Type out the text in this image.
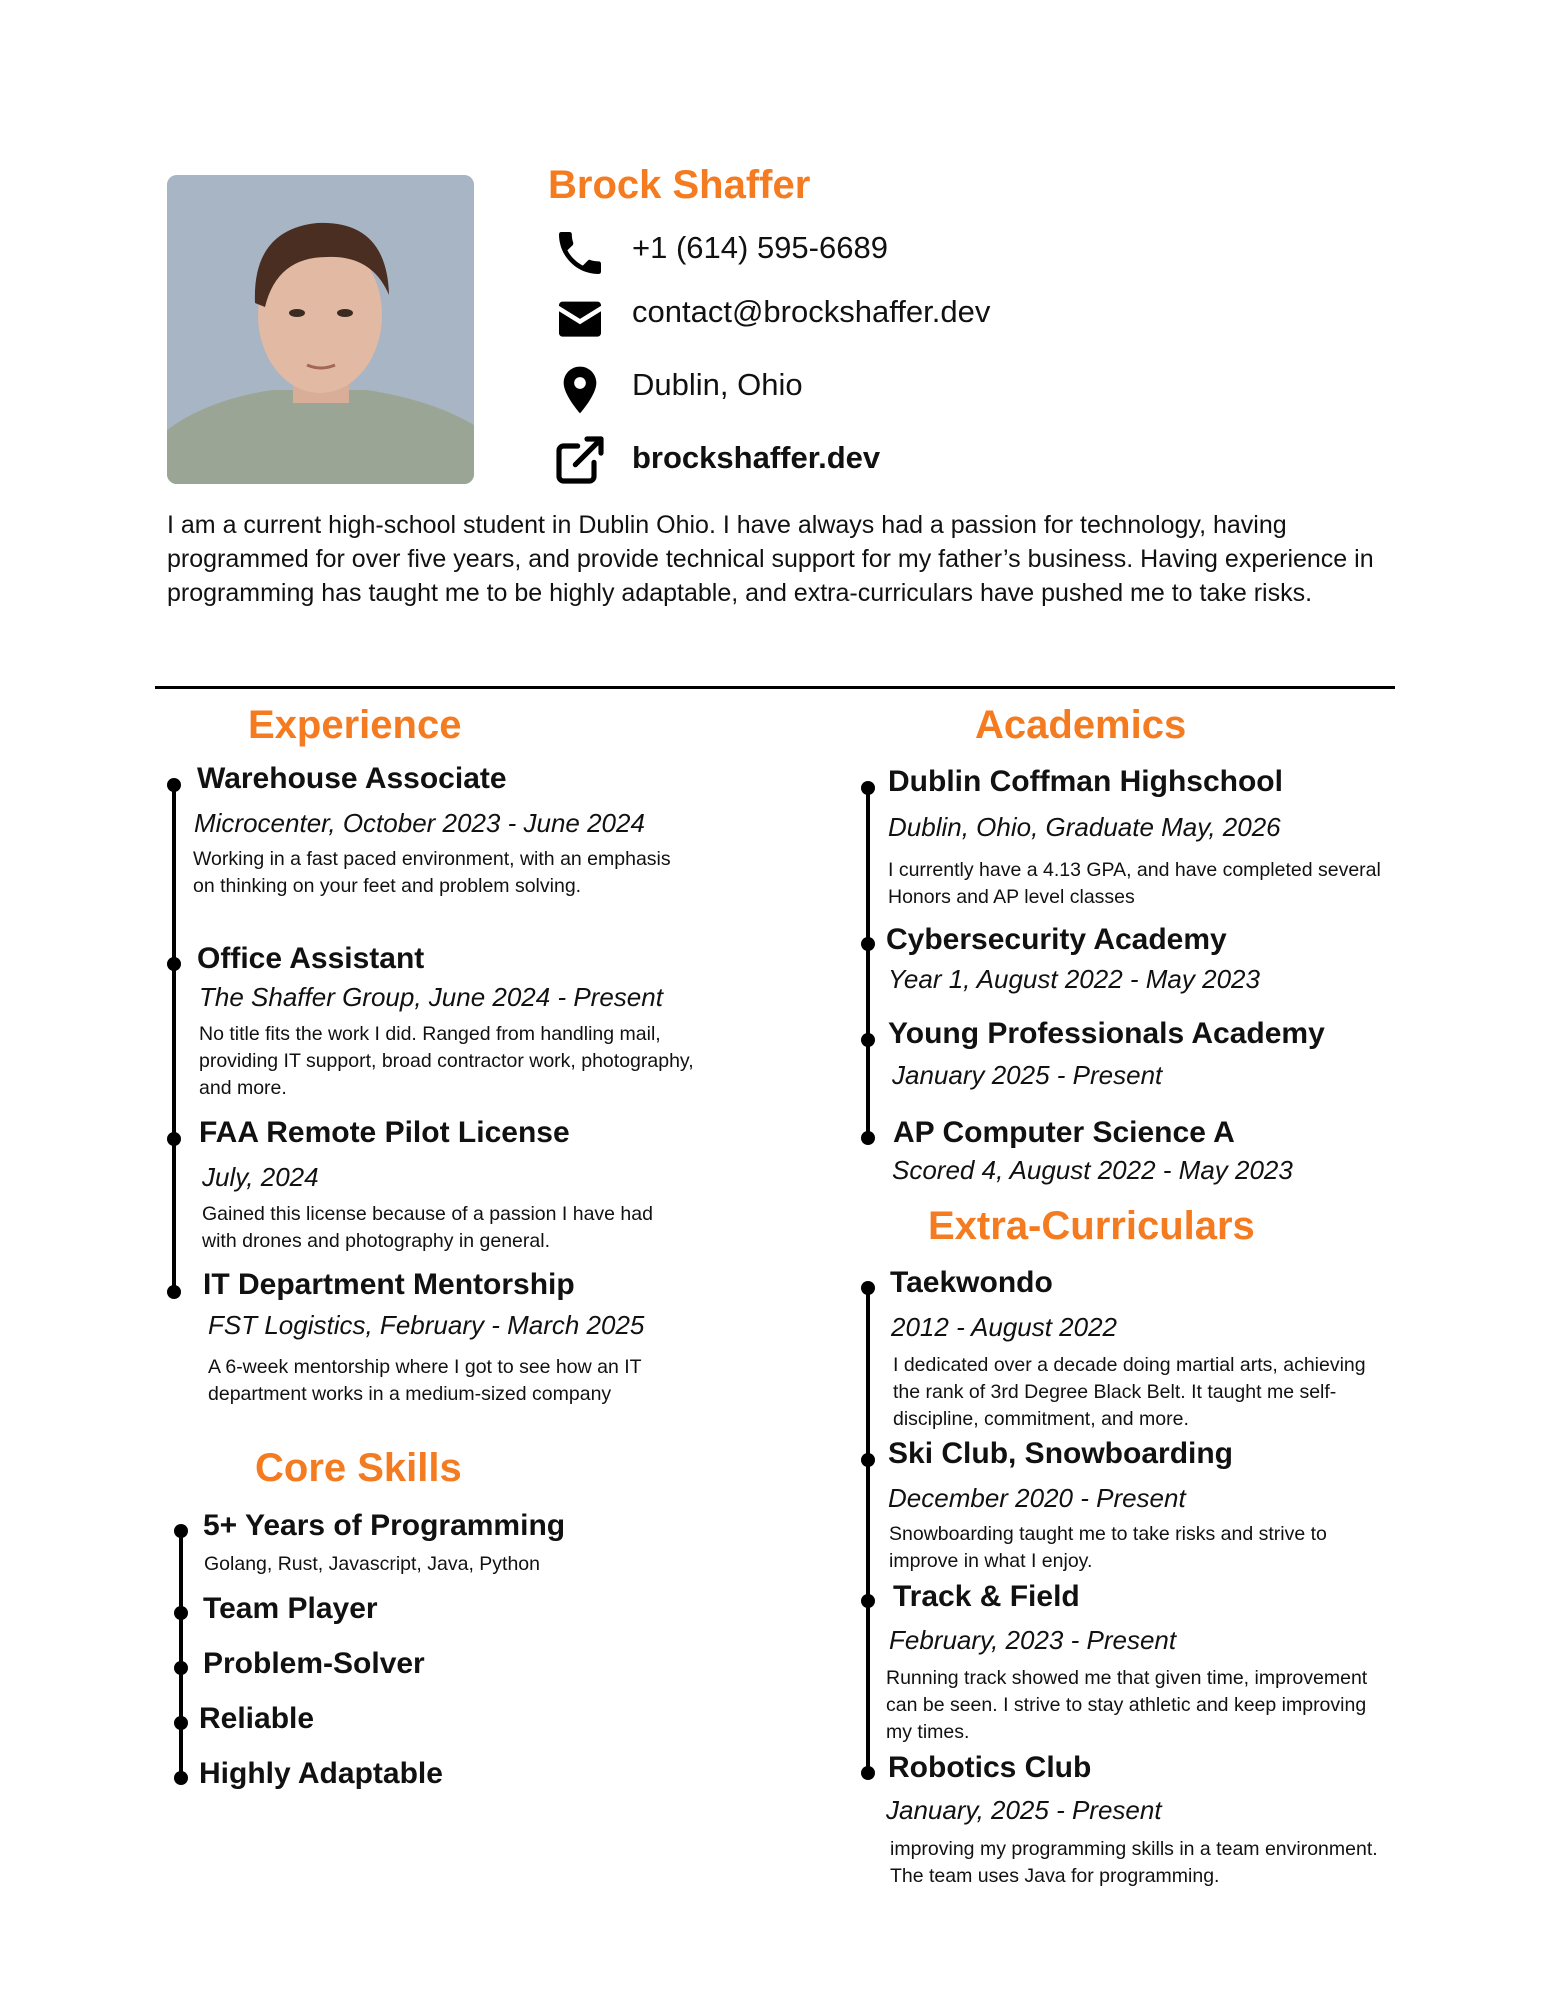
Brock Shaffer
+1 (614) 595-6689
contact@brockshaffer.dev
Dublin, Ohio
brockshaffer.dev
I am a current high-school student in Dublin Ohio. I have always had a passion for technology, having programmed for over five years, and provide technical support for my father’s business. Having experience in programming has taught me to be highly adaptable, and extra-curriculars have pushed me to take risks.
Experience
Warehouse Associate
Microcenter, October 2023 - June 2024
Working in a fast paced environment, with an emphasis on thinking on your feet and problem solving.
Office Assistant
The Shaffer Group, June 2024 - Present
No title fits the work I did. Ranged from handling mail, providing IT support, broad contractor work, photography, and more.
FAA Remote Pilot License
July, 2024
Gained this license because of a passion I have had with drones and photography in general.
IT Department Mentorship
FST Logistics, February - March 2025
A 6-week mentorship where I got to see how an IT department works in a medium-sized company
Core Skills
5+ Years of Programming
Golang, Rust, Javascript, Java, Python
Team Player
Problem-Solver
Reliable
Highly Adaptable
Academics
Dublin Coffman Highschool
Dublin, Ohio, Graduate May, 2026
I currently have a 4.13 GPA, and have completed several Honors and AP level classes
Cybersecurity Academy
Year 1, August 2022 - May 2023
Young Professionals Academy
January 2025 - Present
AP Computer Science A
Scored 4, August 2022 - May 2023
Extra-Curriculars
Taekwondo
2012 - August 2022
I dedicated over a decade doing martial arts, achieving the rank of 3rd Degree Black Belt. It taught me self-discipline, commitment, and more.
Ski Club, Snowboarding
December 2020 - Present
Snowboarding taught me to take risks and strive to improve in what I enjoy.
Track & Field
February, 2023 - Present
Running track showed me that given time, improvement can be seen. I strive to stay athletic and keep improving my times.
Robotics Club
January, 2025 - Present
improving my programming skills in a team environment. The team uses Java for programming.
